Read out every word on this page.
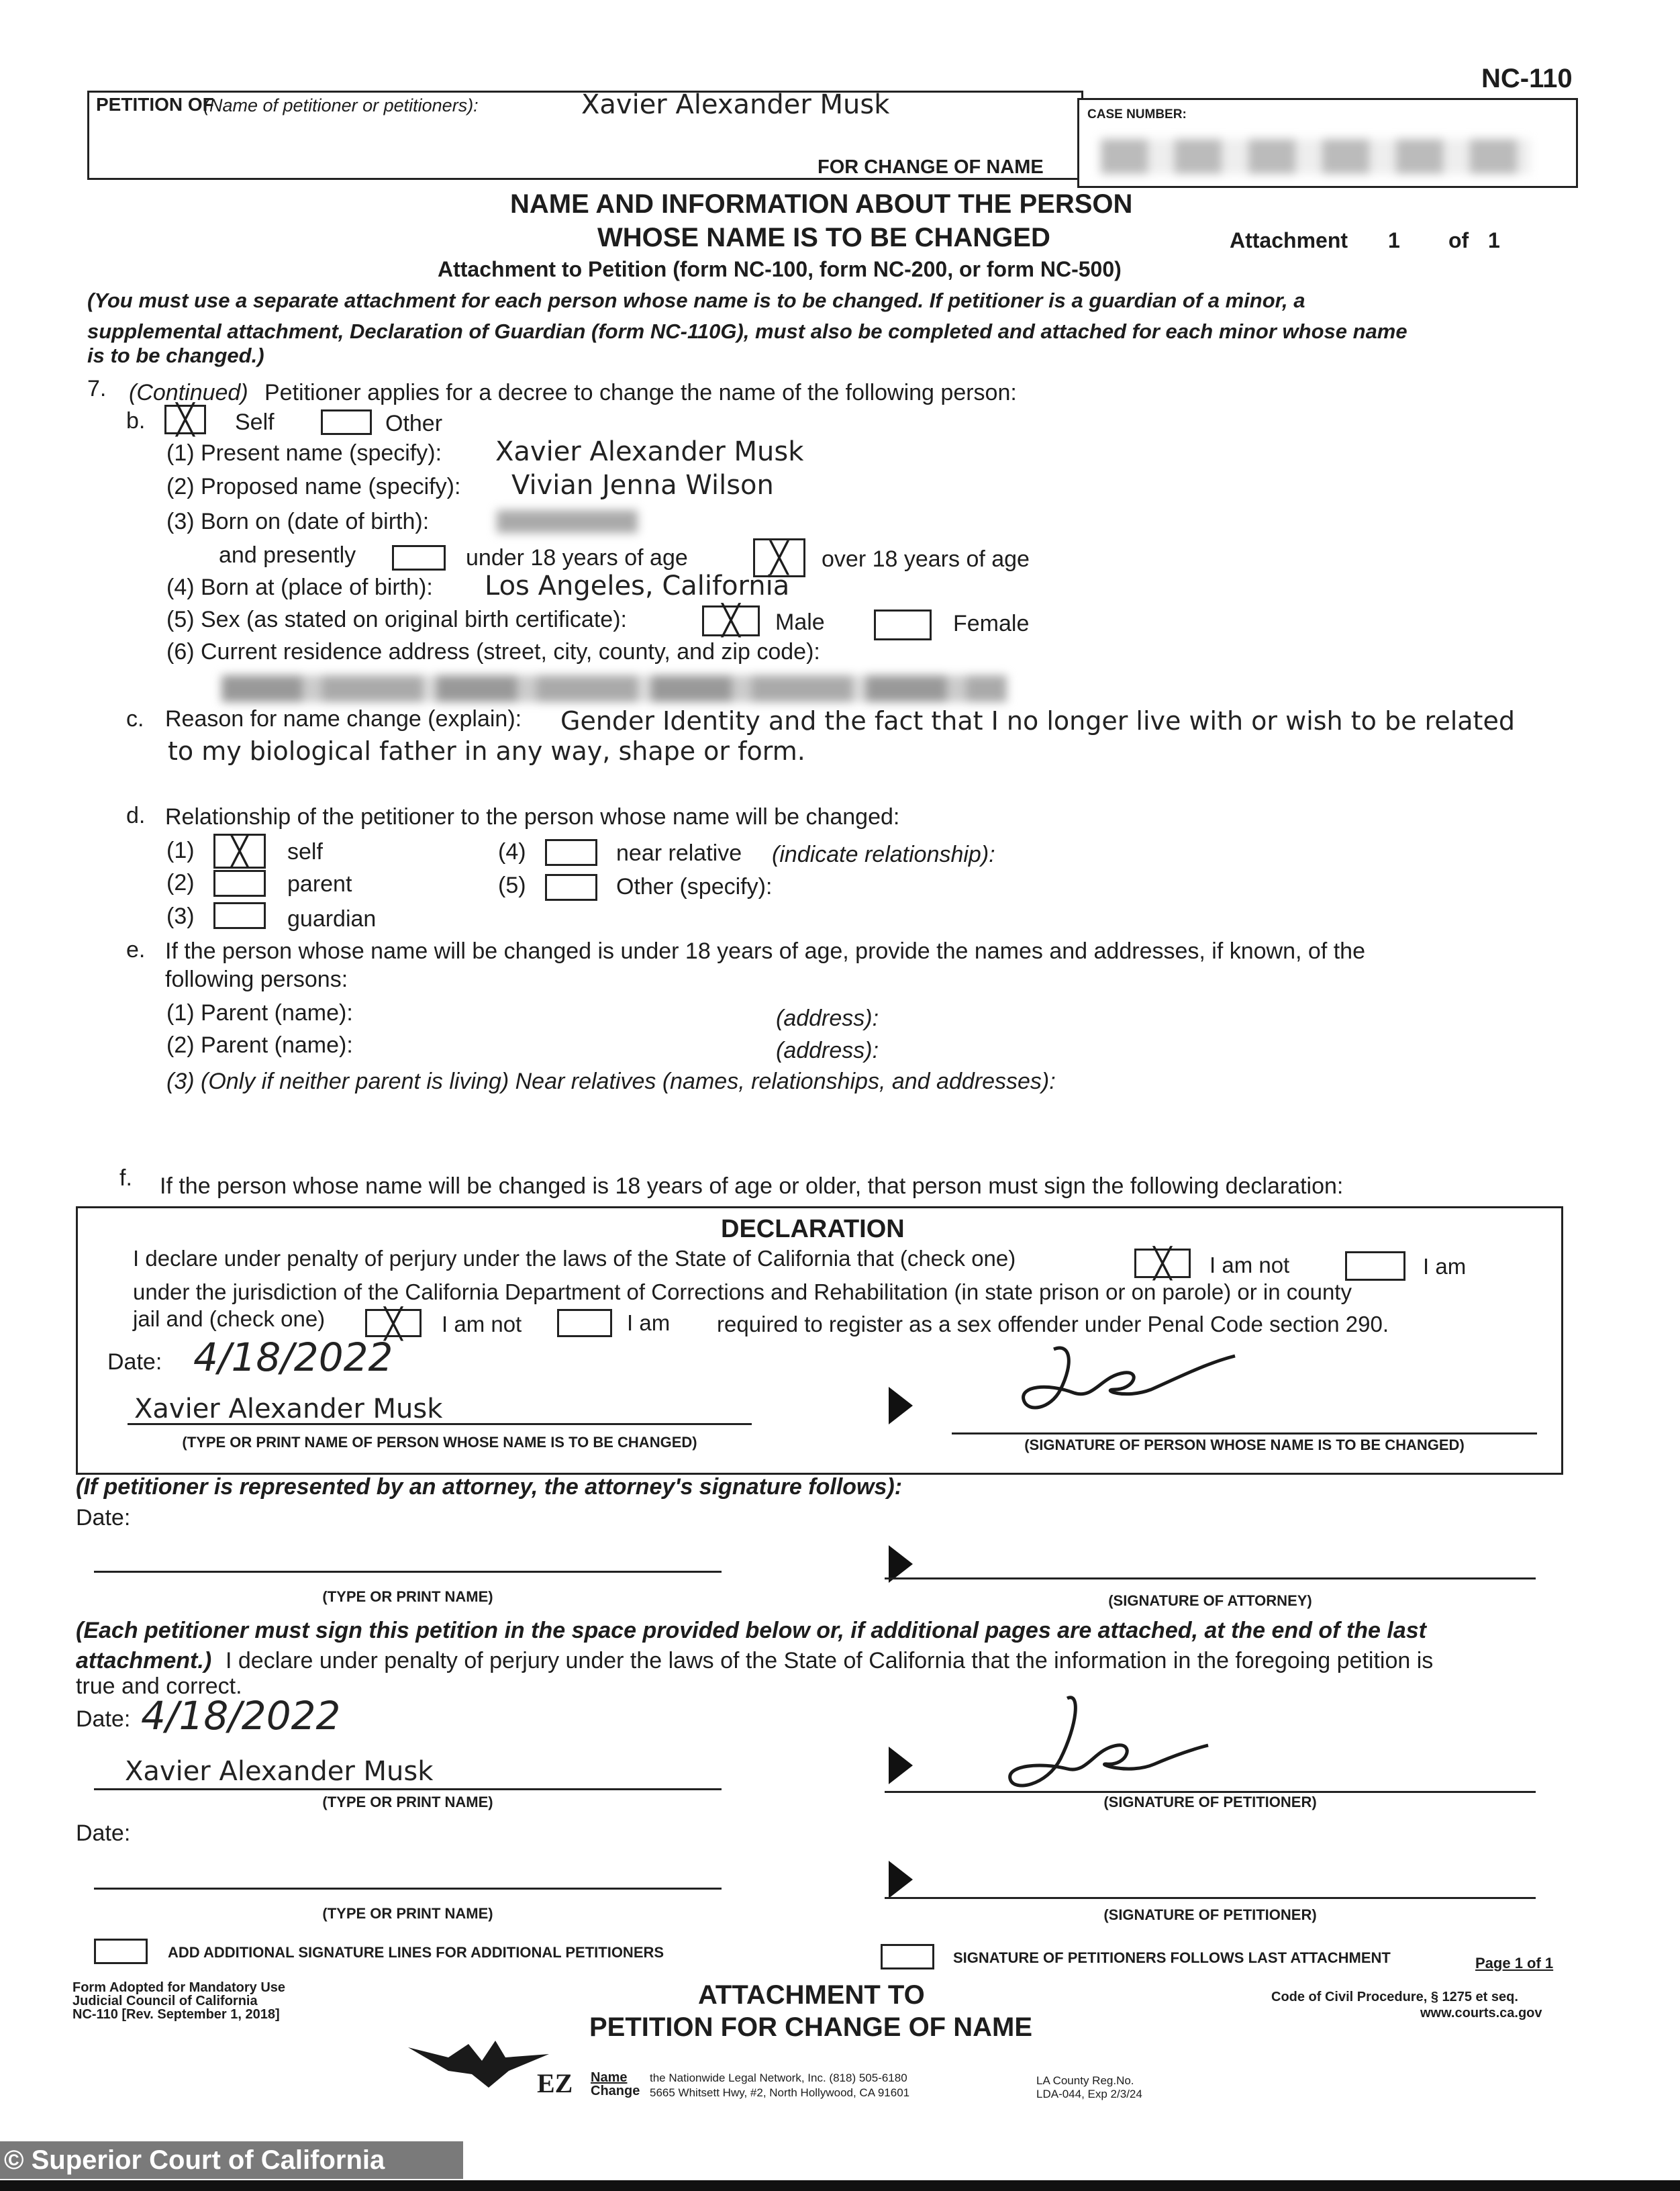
NC-110
PETITION OF
(Name of petitioner or petitioners):	Xavier Alexander Musk
FOR CHANGE OF NAME
CASE NUMBER:
NAME AND INFORMATION ABOUT THE PERSON
WHOSE NAME IS TO BE CHANGED	Attachment 1 of 1
Attachment to Petition (form NC-100, form NC-200, or form NC-500)
(You must use a separate attachment for each person whose name is to be changed. If petitioner is a guardian of a minor, a
supplemental attachment, Declaration of Guardian (form NC-110G), must also be completed and attached for each minor whose name
is to be changed.)
7. (Continued) Petitioner applies for a decree to change the name of the following person:
b.	╳	Self	Other
(1) Present name (specify): Xavier Alexander Musk
(2) Proposed name (specify): Vivian Jenna Wilson
(3) Born on (date of birth):
and presently	under 18 years of age	╳	over 18 years of age
(4) Born at (place of birth): Los Angeles, California
(5) Sex (as stated on original birth certificate):	╳	Male	Female
(6) Current residence address (street, city, county, and zip code):
c. Reason for name change (explain): Gender Identity and the fact that I no longer live with or wish to be related
to my biological father in any way, shape or form.
d. Relationship of the petitioner to the person whose name will be changed:
(1)	╳	self
(2)	parent
(3)	guardian
(4)	near relative (indicate relationship):
(5)	Other (specify):
e. If the person whose name will be changed is under 18 years of age, provide the names and addresses, if known, of the
following persons:
(1) Parent (name):	(address):
(2) Parent (name):	(address):
(3) (Only if neither parent is living) Near relatives (names, relationships, and addresses):
f. If the person whose name will be changed is 18 years of age or older, that person must sign the following declaration:
DECLARATION
I declare under penalty of perjury under the laws of the State of California that (check one)	╳	I am not	I am
under the jurisdiction of the California Department of Corrections and Rehabilitation (in state prison or on parole) or in county
jail and (check one)	╳	I am not	I am required to register as a sex offender under Penal Code section 290.
Date: 4/18/2022
Xavier Alexander Musk
(TYPE OR PRINT NAME OF PERSON WHOSE NAME IS TO BE CHANGED)	(SIGNATURE OF PERSON WHOSE NAME IS TO BE CHANGED)
(If petitioner is represented by an attorney, the attorney's signature follows):
Date:
(TYPE OR PRINT NAME)	(SIGNATURE OF ATTORNEY)
(Each petitioner must sign this petition in the space provided below or, if additional pages are attached, at the end of the last
attachment.) I declare under penalty of perjury under the laws of the State of California that the information in the foregoing petition is
true and correct.
Date: 4/18/2022
Xavier Alexander Musk
(TYPE OR PRINT NAME)	(SIGNATURE OF PETITIONER)
Date:
(TYPE OR PRINT NAME)	(SIGNATURE OF PETITIONER)
ADD ADDITIONAL SIGNATURE LINES FOR ADDITIONAL PETITIONERS	SIGNATURE OF PETITIONERS FOLLOWS LAST ATTACHMENT	Page 1 of 1
Form Adopted for Mandatory Use
Judicial Council of California
NC-110 [Rev. September 1, 2018]
ATTACHMENT TO
PETITION FOR CHANGE OF NAME
Code of Civil Procedure, § 1275 et seq.
www.courts.ca.gov
EZ Name
Change
the Nationwide Legal Network, Inc. (818) 505-6180
5665 Whitsett Hwy, #2, North Hollywood, CA 91601
LA County Reg.No.
LDA-044, Exp 2/3/24
© Superior Court of California
